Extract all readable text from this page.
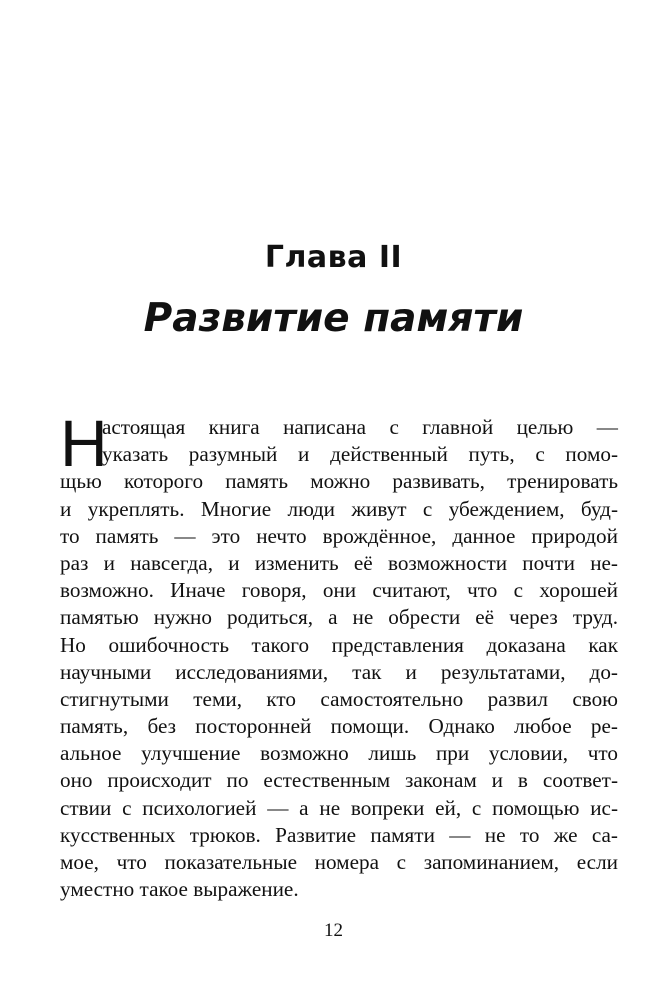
Глава II
Развитие памяти
Н
астоящая книга написана с главной целью —
указать разумный и действенный путь, с помо-
щью которого память можно развивать, тренировать
и укреплять. Многие люди живут с убеждением, буд-
то память — это нечто врождённое, данное природой
раз и навсегда, и изменить её возможности почти не-
возможно. Иначе говоря, они считают, что с хорошей
памятью нужно родиться, а не обрести её через труд.
Но ошибочность такого представления доказана как
научными исследованиями, так и результатами, до-
стигнутыми теми, кто самостоятельно развил свою
память, без посторонней помощи. Однако любое ре-
альное улучшение возможно лишь при условии, что
оно происходит по естественным законам и в соответ-
ствии с психологией — а не вопреки ей, с помощью ис-
кусственных трюков. Развитие памяти — не то же са-
мое, что показательные номера с запоминанием, если
уместно такое выражение.
12
